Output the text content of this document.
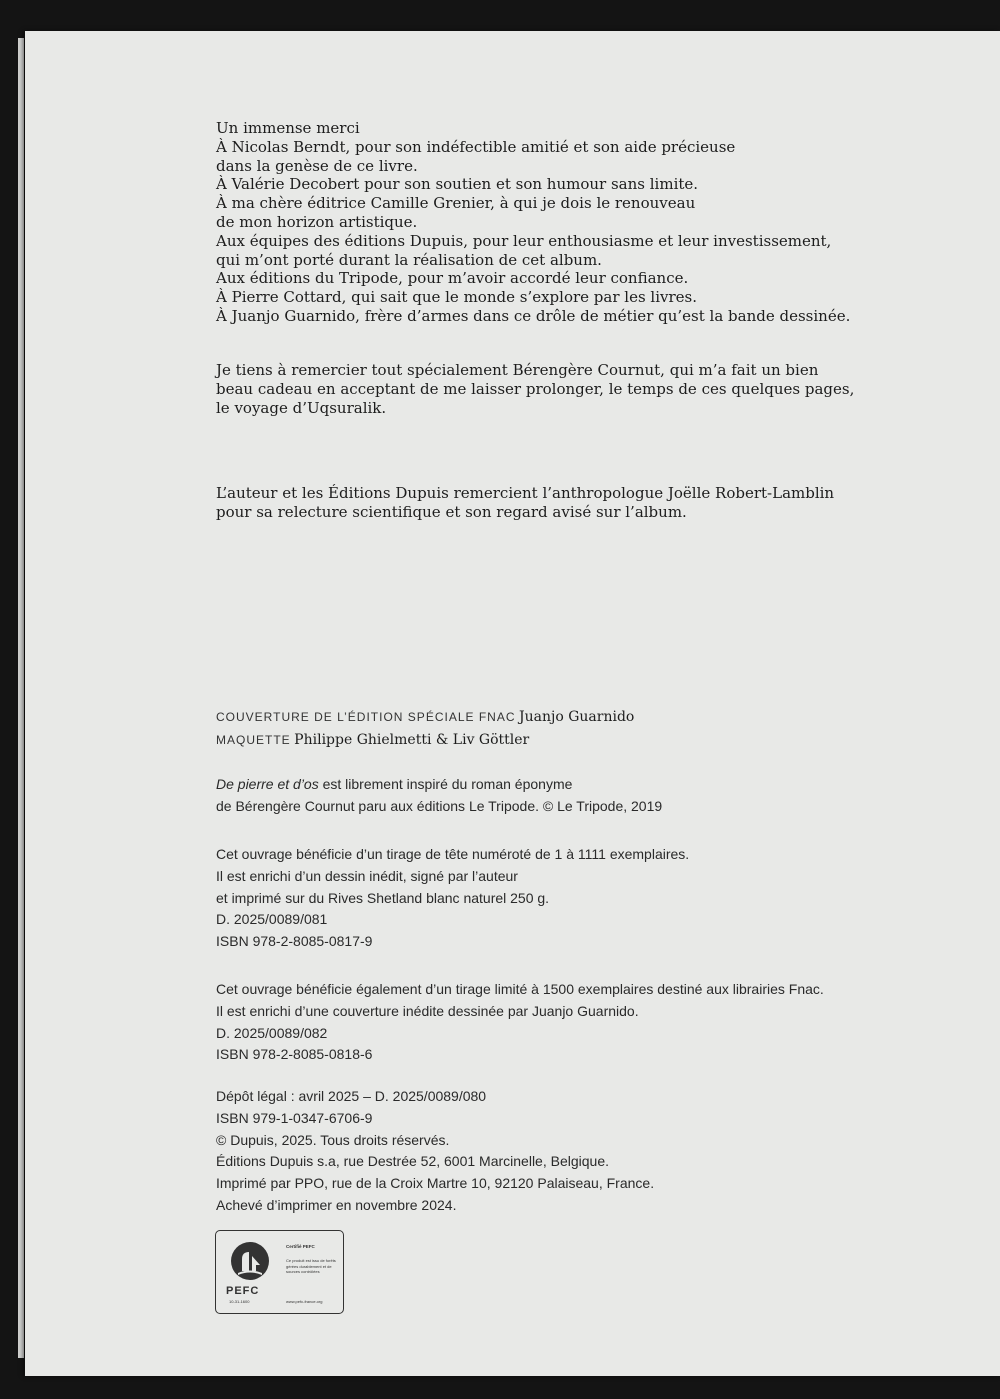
Un immense merci
À Nicolas Berndt, pour son indéfectible amitié et son aide précieuse
dans la genèse de ce livre.
À Valérie Decobert pour son soutien et son humour sans limite.
À ma chère éditrice Camille Grenier, à qui je dois le renouveau
de mon horizon artistique.
Aux équipes des éditions Dupuis, pour leur enthousiasme et leur investissement,
qui m’ont porté durant la réalisation de cet album.
Aux éditions du Tripode, pour m’avoir accordé leur confiance.
À Pierre Cottard, qui sait que le monde s’explore par les livres.
À Juanjo Guarnido, frère d’armes dans ce drôle de métier qu’est la bande dessinée.
Je tiens à remercier tout spécialement Bérengère Cournut, qui m’a fait un bien
beau cadeau en acceptant de me laisser prolonger, le temps de ces quelques pages,
le voyage d’Uqsuralik.
L’auteur et les Éditions Dupuis remercient l’anthropologue Joëlle Robert-Lamblin
pour sa relecture scientifique et son regard avisé sur l’album.
COUVERTURE DE L’ÉDITION SPÉCIALE FNAC Juanjo Guarnido
MAQUETTE Philippe Ghielmetti & Liv Göttler
De pierre et d’os est librement inspiré du roman éponyme
de Bérengère Cournut paru aux éditions Le Tripode. © Le Tripode, 2019
Cet ouvrage bénéficie d’un tirage de tête numéroté de 1 à 1111 exemplaires.
Il est enrichi d’un dessin inédit, signé par l’auteur
et imprimé sur du Rives Shetland blanc naturel 250 g.
D. 2025/0089/081
ISBN 978-2-8085-0817-9
Cet ouvrage bénéficie également d’un tirage limité à 1500 exemplaires destiné aux librairies Fnac.
Il est enrichi d’une couverture inédite dessinée par Juanjo Guarnido.
D. 2025/0089/082
ISBN 978-2-8085-0818-6
Dépôt légal : avril 2025 – D. 2025/0089/080
ISBN 979-1-0347-6706-9
© Dupuis, 2025. Tous droits réservés.
Éditions Dupuis s.a, rue Destrée 52, 6001 Marcinelle, Belgique.
Imprimé par PPO, rue de la Croix Martre 10, 92120 Palaiseau, France.
Achevé d’imprimer en novembre 2024.
PEFC
10-31-1600
Certifié PEFC
Ce produit est issu de forêts gérées durablement et de sources contrôlées
www.pefc-france.org
